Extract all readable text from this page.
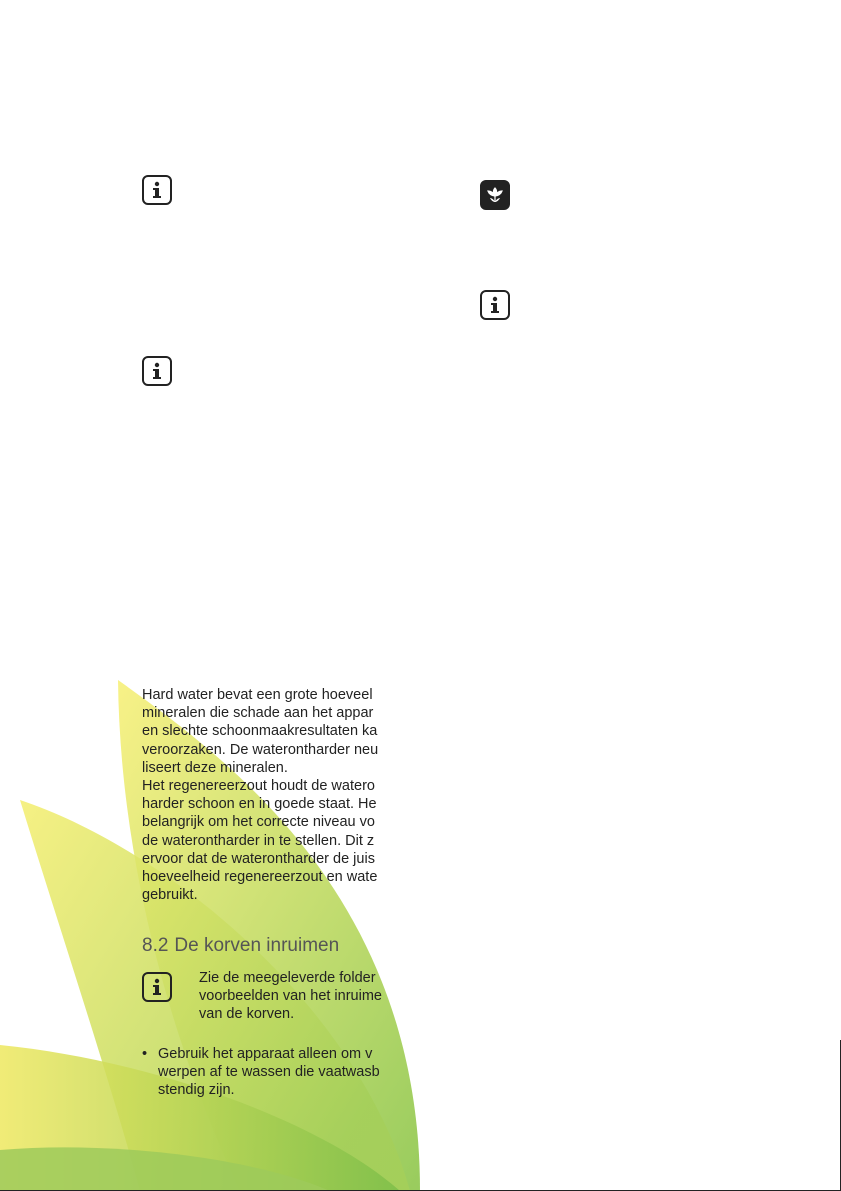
Hard water bevat een grote hoeveel
mineralen die schade aan het appar
en slechte schoonmaakresultaten ka
veroorzaken. De waterontharder neu
liseert deze mineralen.
Het regenereerzout houdt de watero
harder schoon en in goede staat. He
belangrijk om het correcte niveau vo
de waterontharder in te stellen. Dit z
ervoor dat de waterontharder de juis
hoeveelheid regenereerzout en wate
gebruikt.
8.2 De korven inruimen
Zie de meegeleverde folder
voorbeelden van het inruime
van de korven.
• Gebruik het apparaat alleen om v
werpen af te wassen die vaatwasb
stendig zijn.
